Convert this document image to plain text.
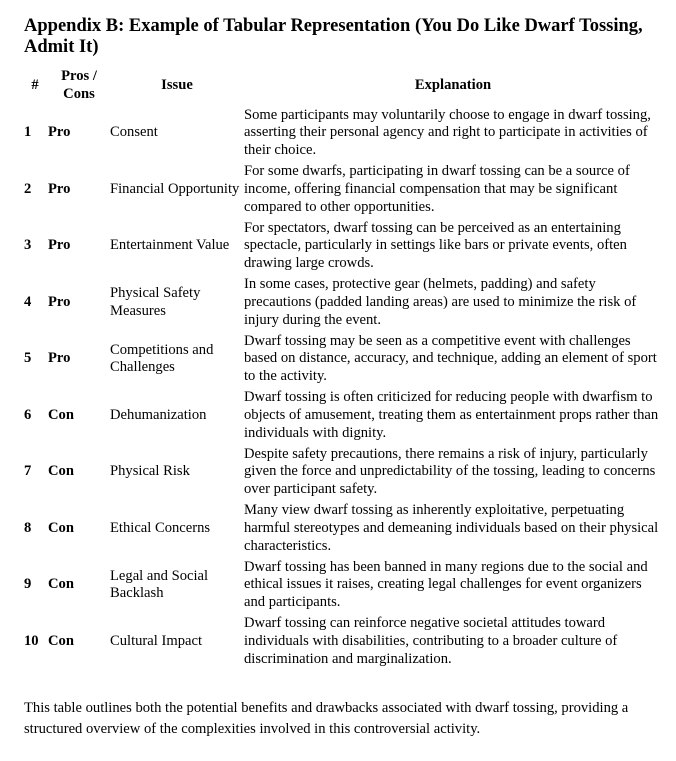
Appendix B: Example of Tabular Representation (You Do Like Dwarf Tossing, Admit It)
#	Pros / Cons	Issue	Explanation
1	Pro	Consent	Some participants may voluntarily choose to engage in dwarf tossing, asserting their personal agency and right to participate in activities of their choice.
2	Pro	Financial Opportunity	For some dwarfs, participating in dwarf tossing can be a source of income, offering financial compensation that may be significant compared to other opportunities.
3	Pro	Entertainment Value	For spectators, dwarf tossing can be perceived as an entertaining spectacle, particularly in settings like bars or private events, often drawing large crowds.
4	Pro	Physical Safety Measures	In some cases, protective gear (helmets, padding) and safety precautions (padded landing areas) are used to minimize the risk of injury during the event.
5	Pro	Competitions and Challenges	Dwarf tossing may be seen as a competitive event with challenges based on distance, accuracy, and technique, adding an element of sport to the activity.
6	Con	Dehumanization	Dwarf tossing is often criticized for reducing people with dwarfism to objects of amusement, treating them as entertainment props rather than individuals with dignity.
7	Con	Physical Risk	Despite safety precautions, there remains a risk of injury, particularly given the force and unpredictability of the tossing, leading to concerns over participant safety.
8	Con	Ethical Concerns	Many view dwarf tossing as inherently exploitative, perpetuating harmful stereotypes and demeaning individuals based on their physical characteristics.
9	Con	Legal and Social Backlash	Dwarf tossing has been banned in many regions due to the social and ethical issues it raises, creating legal challenges for event organizers and participants.
10	Con	Cultural Impact	Dwarf tossing can reinforce negative societal attitudes toward individuals with disabilities, contributing to a broader culture of discrimination and marginalization.

This table outlines both the potential benefits and drawbacks associated with dwarf tossing, providing a structured overview of the complexities involved in this controversial activity.
